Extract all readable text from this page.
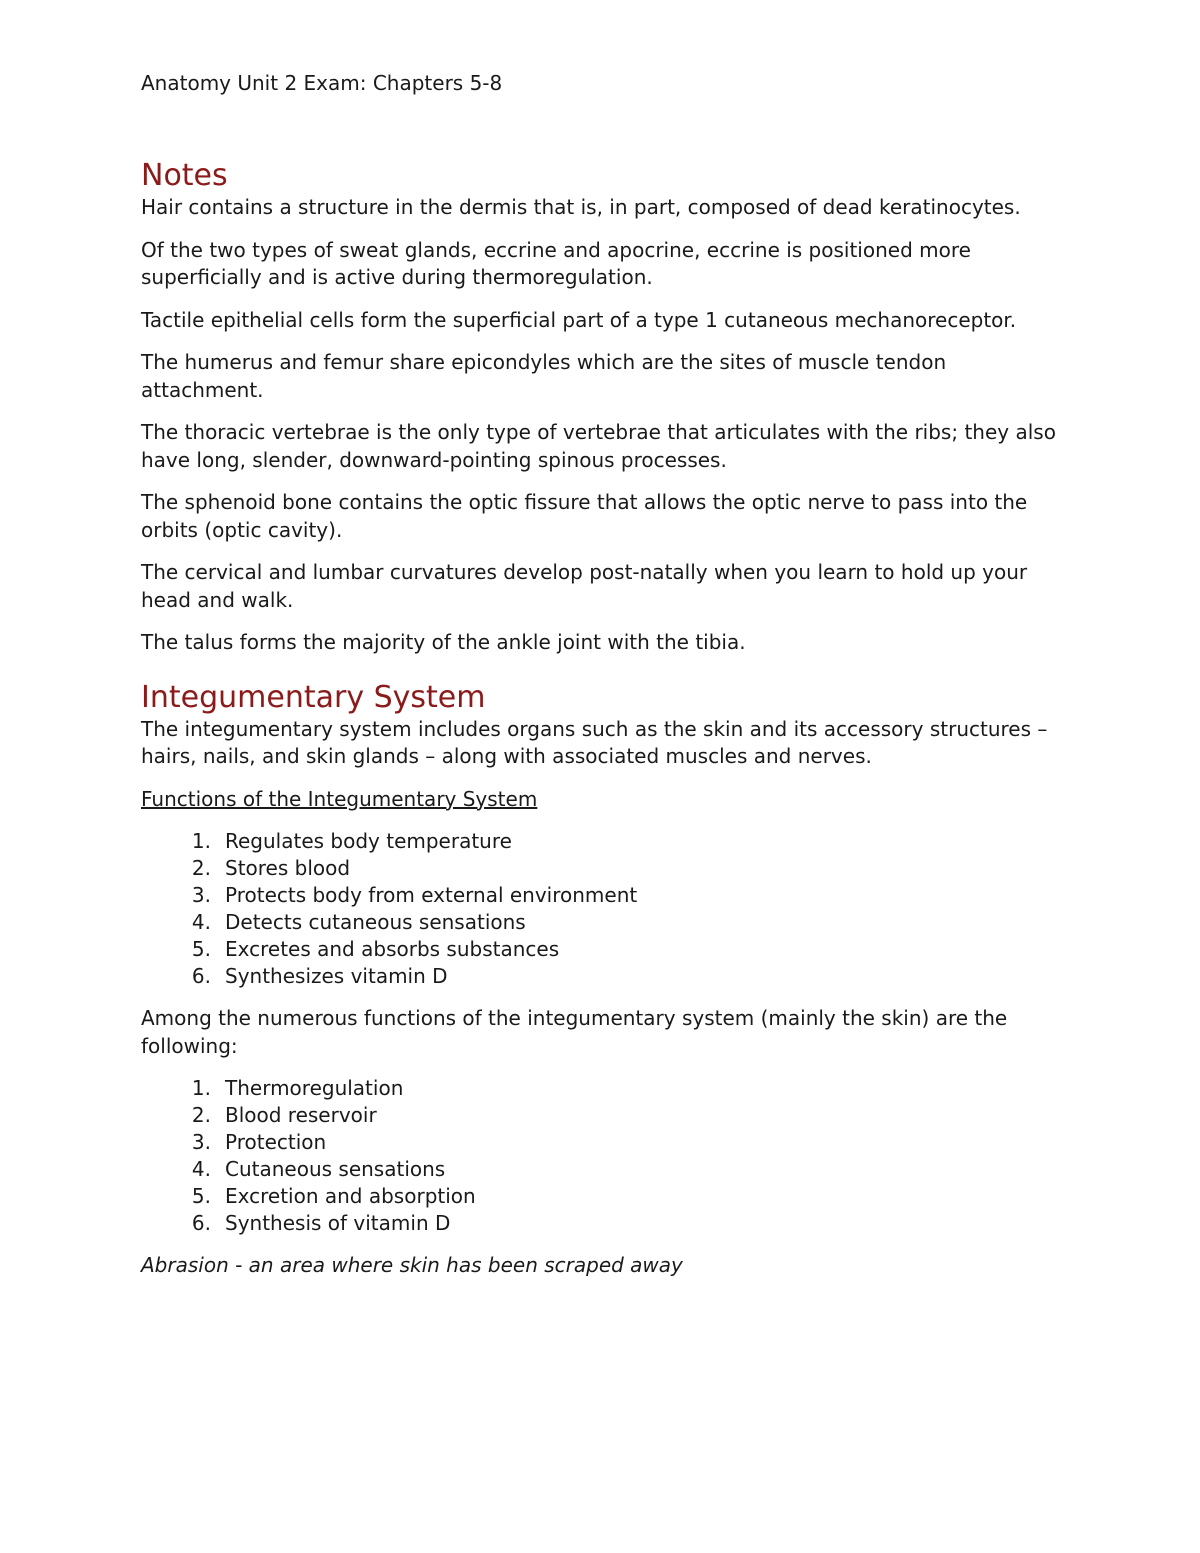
Anatomy Unit 2 Exam: Chapters 5-8
Notes

Hair contains a structure in the dermis that is, in part, composed of dead keratinocytes.

Of the two types of sweat glands, eccrine and apocrine, eccrine is positioned more superficially and is active during thermoregulation.

Tactile epithelial cells form the superficial part of a type 1 cutaneous mechanoreceptor.

The humerus and femur share epicondyles which are the sites of muscle tendon attachment.

The thoracic vertebrae is the only type of vertebrae that articulates with the ribs; they also have long, slender, downward-pointing spinous processes.

The sphenoid bone contains the optic fissure that allows the optic nerve to pass into the orbits (optic cavity).

The cervical and lumbar curvatures develop post-natally when you learn to hold up your head and walk.

The talus forms the majority of the ankle joint with the tibia.

Integumentary System

The integumentary system includes organs such as the skin and its accessory structures – hairs, nails, and skin glands – along with associated muscles and nerves.

Functions of the Integumentary System

1. Regulates body temperature
2. Stores blood
3. Protects body from external environment
4. Detects cutaneous sensations
5. Excretes and absorbs substances
6. Synthesizes vitamin D

Among the numerous functions of the integumentary system (mainly the skin) are the following:

1. Thermoregulation
2. Blood reservoir
3. Protection
4. Cutaneous sensations
5. Excretion and absorption
6. Synthesis of vitamin D

Abrasion - an area where skin has been scraped away
